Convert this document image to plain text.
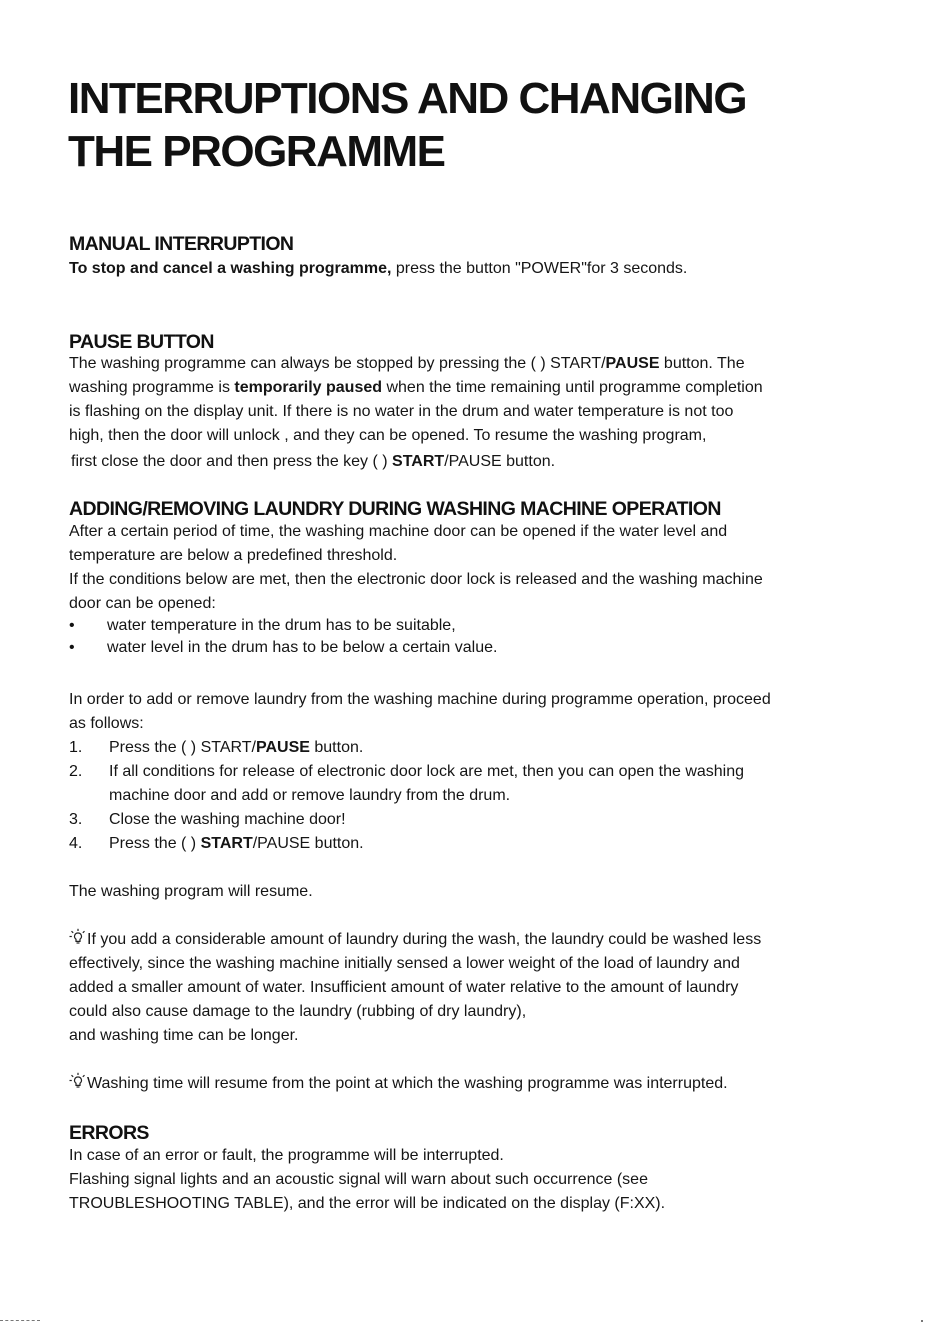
INTERRUPTIONS AND CHANGING
THE PROGRAMME
MANUAL INTERRUPTION
To stop and cancel a washing programme, press the button "POWER"for 3 seconds.
PAUSE BUTTON
The washing programme can always be stopped by pressing the ( ) START/PAUSE button. The
washing programme is temporarily paused when the time remaining until programme completion
is flashing on the display unit. If there is no water in the drum and water temperature is not too
high, then the door will unlock , and they can be opened. To resume the washing program,
first close the door and then press the key ( ) START/PAUSE button.
ADDING/REMOVING LAUNDRY DURING WASHING MACHINE OPERATION
After a certain period of time, the washing machine door can be opened if the water level and
temperature are below a predefined threshold.
If the conditions below are met, then the electronic door lock is released and the washing machine
door can be opened:
• water temperature in the drum has to be suitable,
• water level in the drum has to be below a certain value.
In order to add or remove laundry from the washing machine during programme operation, proceed
as follows:
1. Press the ( ) START/PAUSE button.
2. If all conditions for release of electronic door lock are met, then you can open the washing
machine door and add or remove laundry from the drum.
3. Close the washing machine door!
4. Press the ( ) START/PAUSE button.
The washing program will resume.
If you add a considerable amount of laundry during the wash, the laundry could be washed less
effectively, since the washing machine initially sensed a lower weight of the load of laundry and
added a smaller amount of water. Insufficient amount of water relative to the amount of laundry
could also cause damage to the laundry (rubbing of dry laundry),
and washing time can be longer.
Washing time will resume from the point at which the washing programme was interrupted.
ERRORS
In case of an error or fault, the programme will be interrupted.
Flashing signal lights and an acoustic signal will warn about such occurrence (see
TROUBLESHOOTING TABLE), and the error will be indicated on the display (F:XX).
